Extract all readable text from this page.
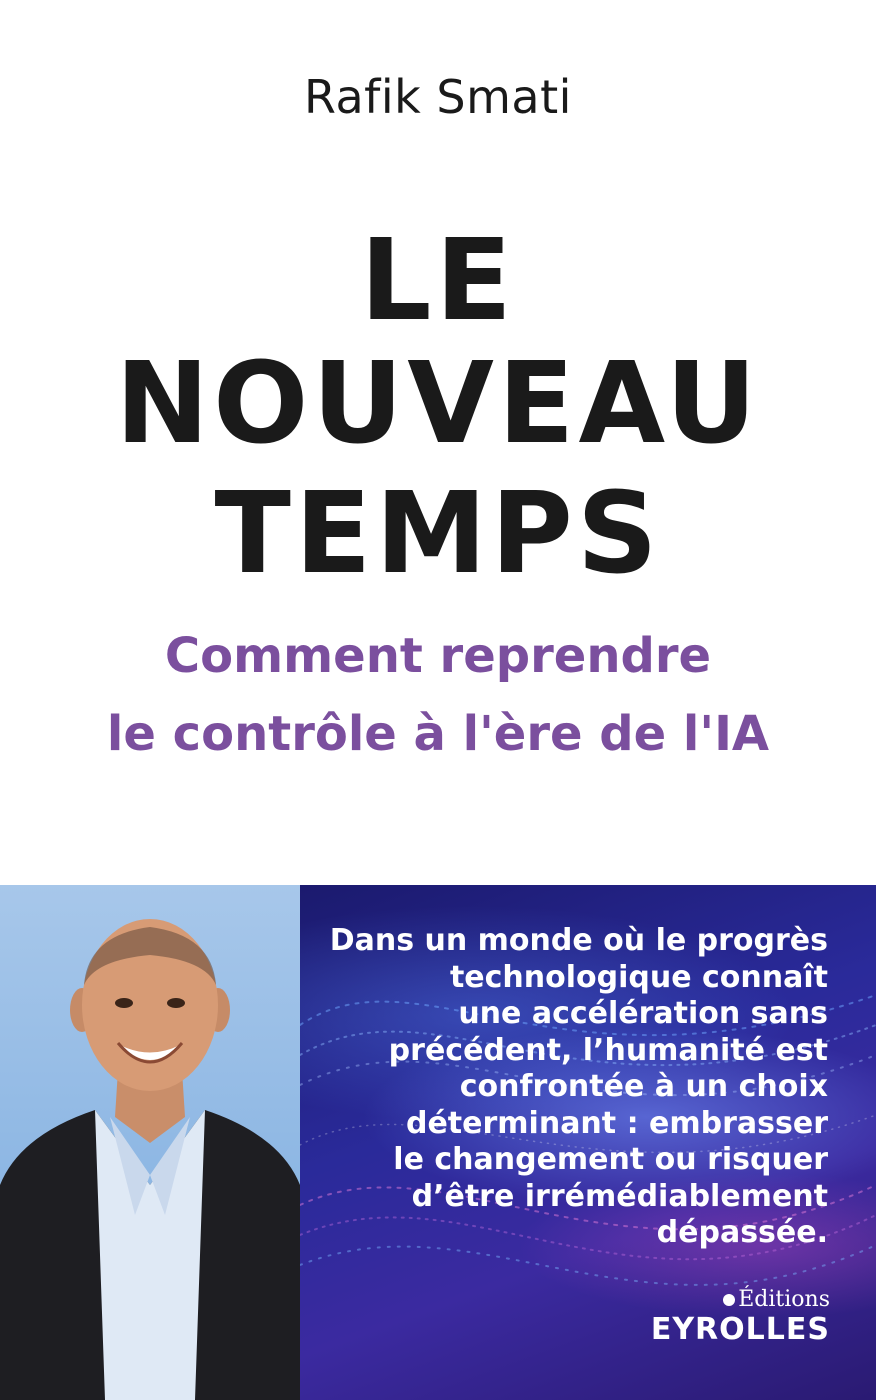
Rafik Smati
LE
NOUVEAU
TEMPS
Comment reprendre
le contrôle à l'ère de l'IA
Dans un monde où le progrès
technologique connaît
une accélération sans
précédent, l’humanité est
confrontée à un choix
déterminant : embrasser
le changement ou risquer
d’être irrémédiablement
dépassée.
Éditions
EYROLLES
